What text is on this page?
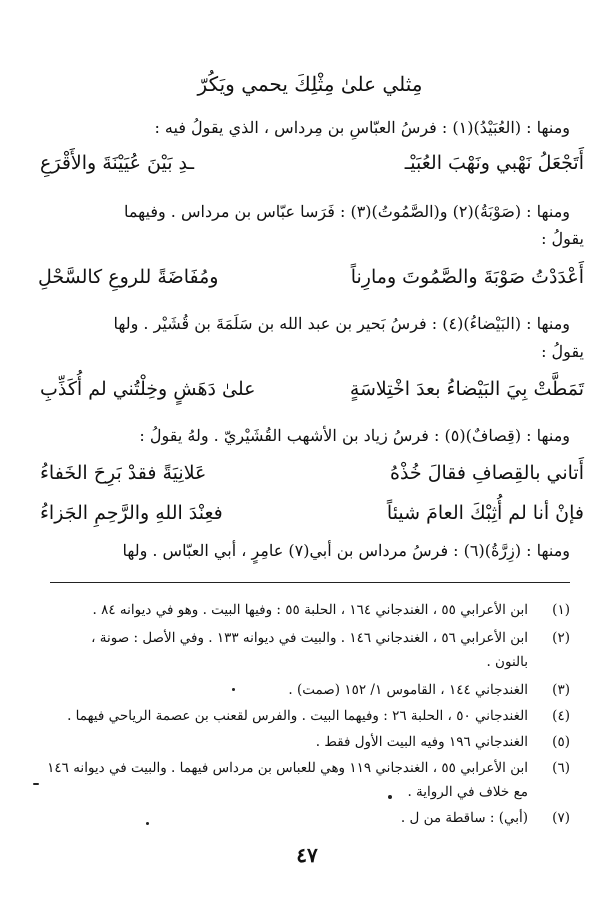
مِثلي علىٰ مِثْلِكَ يحمي ويَكُرّ
ومنها : (العُبَيْدُ)(١) : فرسُ العبّاسِ بن مِرداس ، الذي يقولُ فيه :
أَتَجْعَلُ نَهْبي ونَهْبَ العُبَيْـ
ـدِ بَيْنَ عُيَيْنَةَ والأَقْرَعِ
ومنها : (صَوْبَةُ)(٢) و(الصَّمُوتُ)(٣) : فَرَسا عبّاس بن مرداس . وفيهما
يقولُ :
أَعْدَدْتُ صَوْبَةَ والصَّمُوتَ ومارِناً
ومُفَاضَةً للروعِ كالسَّحْلِ
ومنها : (البَيْضاءُ)(٤) : فرسُ بَحير بن عبد الله بن سَلَمَةَ بن قُشَيْر . ولها
يقولُ :
تَمَطَّتْ بِيَ البَيْضاءُ بعدَ اخْتِلاسَةٍ
علىٰ دَهَشٍ وخِلْتُني لم أُكَذِّبِ
ومنها : (قِصافٌ)(٥) : فرسُ زياد بن الأشهب القُشَيْريّ . ولهُ يقولُ :
أَتاني بالقِصافِ فقالَ خُذْهُ
عَلانِيَةً فقدْ بَرِحَ الخَفاءُ
فإنْ أنا لم أُثِبْكَ العامَ شيئاً
فعِنْدَ اللهِ والرَّحِمِ الجَزاءُ
ومنها : (زِرَّةُ)(٦) : فرسُ مرداس بن أبي(٧) عامِرٍ ، أبي العبّاس . ولها
(١)
ابن الأعرابي ٥٥ ، الغندجاني ١٦٤ ، الحلبة ٥٥ : وفيها البيت . وهو في ديوانه ٨٤ .
(٢)
ابن الأعرابي ٥٦ ، الغندجاني ١٤٦ . والبيت في ديوانه ١٣٣ . وفي الأصل : صونة ،
بالنون .
(٣)
الغندجاني ١٤٤ ، القاموس ١/ ١٥٢ (صمت) .
(٤)
الغندجاني ٥٠ ، الحلبة ٢٦ : وفيهما البيت . والفرس لقعنب بن عصمة الرياحي فيهما .
(٥)
الغندجاني ١٩٦ وفيه البيت الأول فقط .
(٦)
ابن الأعرابي ٥٥ ، الغندجاني ١١٩ وهي للعباس بن مرداس فيهما . والبيت في ديوانه ١٤٦
مع خلاف في الرواية .
(٧)
(أبي) : ساقطة من ل .
٤٧
